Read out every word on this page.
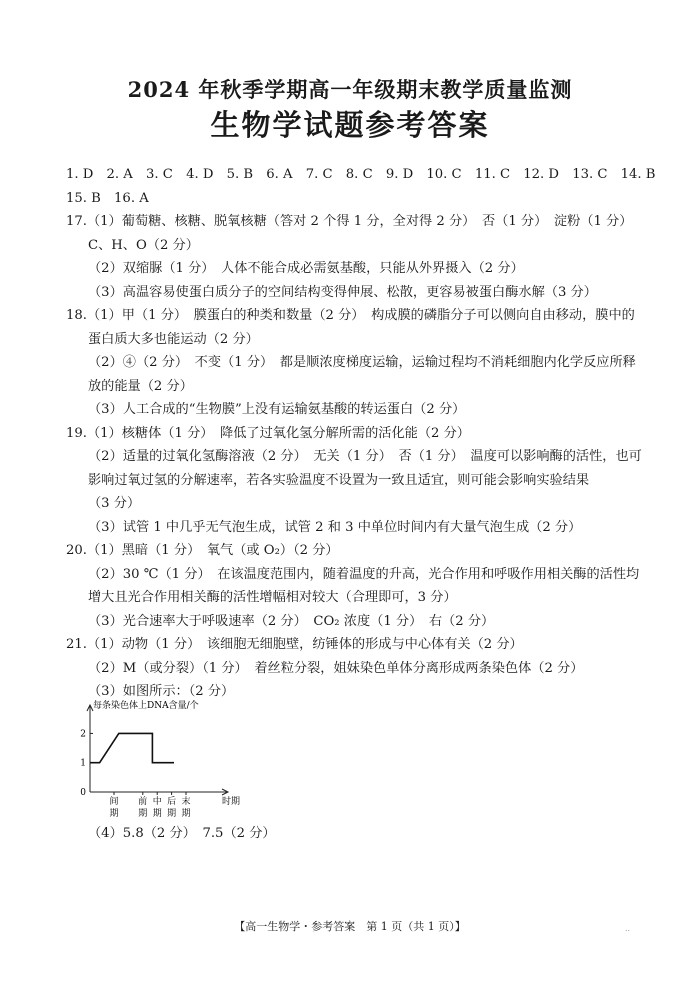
2024 年秋季学期高一年级期末教学质量监测
生物学试题参考答案
1. D　2. A　3. C　4. D　5. B　6. A　7. C　8. C　9. D　10. C　11. C　12. D　13. C　14. B
15. B　16. A
17.（1）葡萄糖、核糖、脱氧核糖（答对 2 个得 1 分，全对得 2 分）　否（1 分）　淀粉（1 分）
C、H、O（2 分）
（2）双缩脲（1 分）　人体不能合成必需氨基酸，只能从外界摄入（2 分）
（3）高温容易使蛋白质分子的空间结构变得伸展、松散，更容易被蛋白酶水解（3 分）
18.（1）甲（1 分）　膜蛋白的种类和数量（2 分）　构成膜的磷脂分子可以侧向自由移动，膜中的
蛋白质大多也能运动（2 分）
（2）④（2 分）　不变（1 分）　都是顺浓度梯度运输，运输过程均不消耗细胞内化学反应所释
放的能量（2 分）
（3）人工合成的“生物膜”上没有运输氨基酸的转运蛋白（2 分）
19.（1）核糖体（1 分）　降低了过氧化氢分解所需的活化能（2 分）
（2）适量的过氧化氢酶溶液（2 分）　无关（1 分）　否（1 分）　温度可以影响酶的活性，也可
影响过氧过氢的分解速率，若各实验温度不设置为一致且适宜，则可能会影响实验结果
（3 分）
（3）试管 1 中几乎无气泡生成，试管 2 和 3 中单位时间内有大量气泡生成（2 分）
20.（1）黑暗（1 分）　氧气（或 O₂）（2 分）
（2）30 ℃（1 分）　在该温度范围内，随着温度的升高，光合作用和呼吸作用相关酶的活性均
增大且光合作用相关酶的活性增幅相对较大（合理即可，3 分）
（3）光合速率大于呼吸速率（2 分）　CO₂ 浓度（1 分）　右（2 分）
21.（1）动物（1 分）　该细胞无细胞壁，纺锤体的形成与中心体有关（2 分）
（2）M（或分裂）（1 分）　着丝粒分裂，姐妹染色单体分离形成两条染色体（2 分）
（3）如图所示：（2 分）
每条染色体上DNA含量/个
0
1
2
间
期
前
期
中
期
后
期
末
期
时期
（4）5.8（2 分）　7.5（2 分）
【高一生物学・参考答案　第 1 页（共 1 页）】	..
